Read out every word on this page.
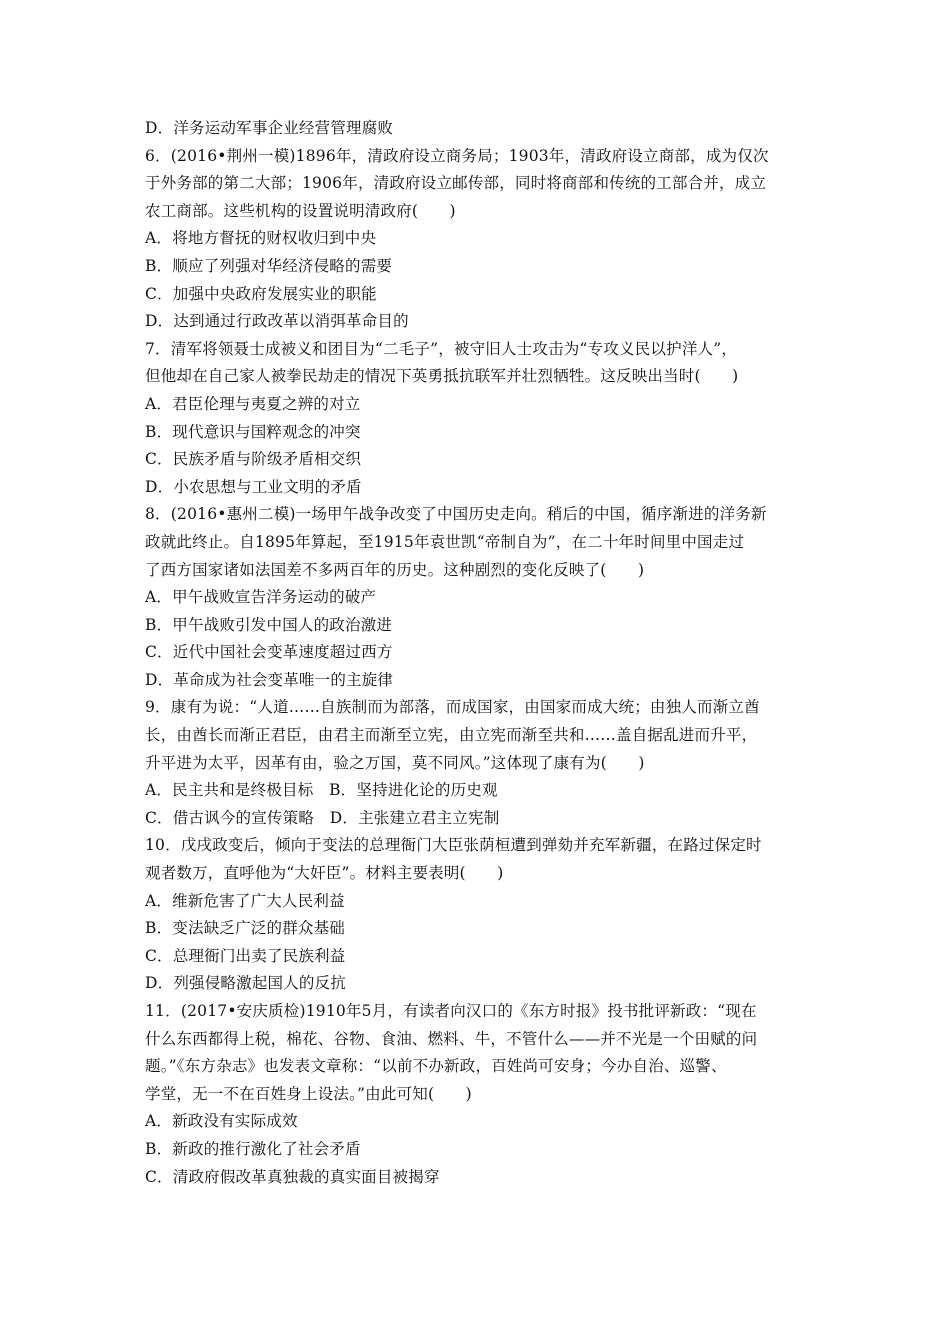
D．洋务运动军事企业经营管理腐败
6．(2016•荆州一模)1896年，清政府设立商务局；1903年，清政府设立商部，成为仅次
于外务部的第二大部；1906年，清政府设立邮传部，同时将商部和传统的工部合并，成立
农工商部。这些机构的设置说明清政府(　　)
A．将地方督抚的财权收归到中央
B．顺应了列强对华经济侵略的需要
C．加强中央政府发展实业的职能
D．达到通过行政改革以消弭革命目的
7．清军将领聂士成被义和团目为“二毛子”，被守旧人士攻击为“专攻义民以护洋人”，
但他却在自己家人被拳民劫走的情况下英勇抵抗联军并壮烈牺牲。这反映出当时(　　)
A．君臣伦理与夷夏之辨的对立
B．现代意识与国粹观念的冲突
C．民族矛盾与阶级矛盾相交织
D．小农思想与工业文明的矛盾
8．(2016•惠州二模)一场甲午战争改变了中国历史走向。稍后的中国，循序渐进的洋务新
政就此终止。自1895年算起，至1915年袁世凯“帝制自为”，在二十年时间里中国走过
了西方国家诸如法国差不多两百年的历史。这种剧烈的变化反映了(　　)
A．甲午战败宣告洋务运动的破产
B．甲午战败引发中国人的政治激进
C．近代中国社会变革速度超过西方
D．革命成为社会变革唯一的主旋律
9．康有为说：“人道……自族制而为部落，而成国家，由国家而成大统；由独人而渐立酋
长，由酋长而渐正君臣，由君主而渐至立宪，由立宪而渐至共和……盖自据乱进而升平，
升平进为太平，因革有由，验之万国，莫不同风。”这体现了康有为(　　)
A．民主共和是终极目标　B．坚持进化论的历史观
C．借古讽今的宣传策略　D．主张建立君主立宪制
10．戊戌政变后，倾向于变法的总理衙门大臣张荫桓遭到弹劾并充军新疆，在路过保定时
观者数万，直呼他为“大奸臣”。材料主要表明(　　)
A．维新危害了广大人民利益
B．变法缺乏广泛的群众基础
C．总理衙门出卖了民族利益
D．列强侵略激起国人的反抗
11．(2017•安庆质检)1910年5月，有读者向汉口的《东方时报》投书批评新政：“现在
什么东西都得上税，棉花、谷物、食油、燃料、牛，不管什么——并不光是一个田赋的问
题。”《东方杂志》也发表文章称：“以前不办新政，百姓尚可安身；今办自治、巡警、
学堂，无一不在百姓身上设法。”由此可知(　　)
A．新政没有实际成效
B．新政的推行激化了社会矛盾
C．清政府假改革真独裁的真实面目被揭穿
